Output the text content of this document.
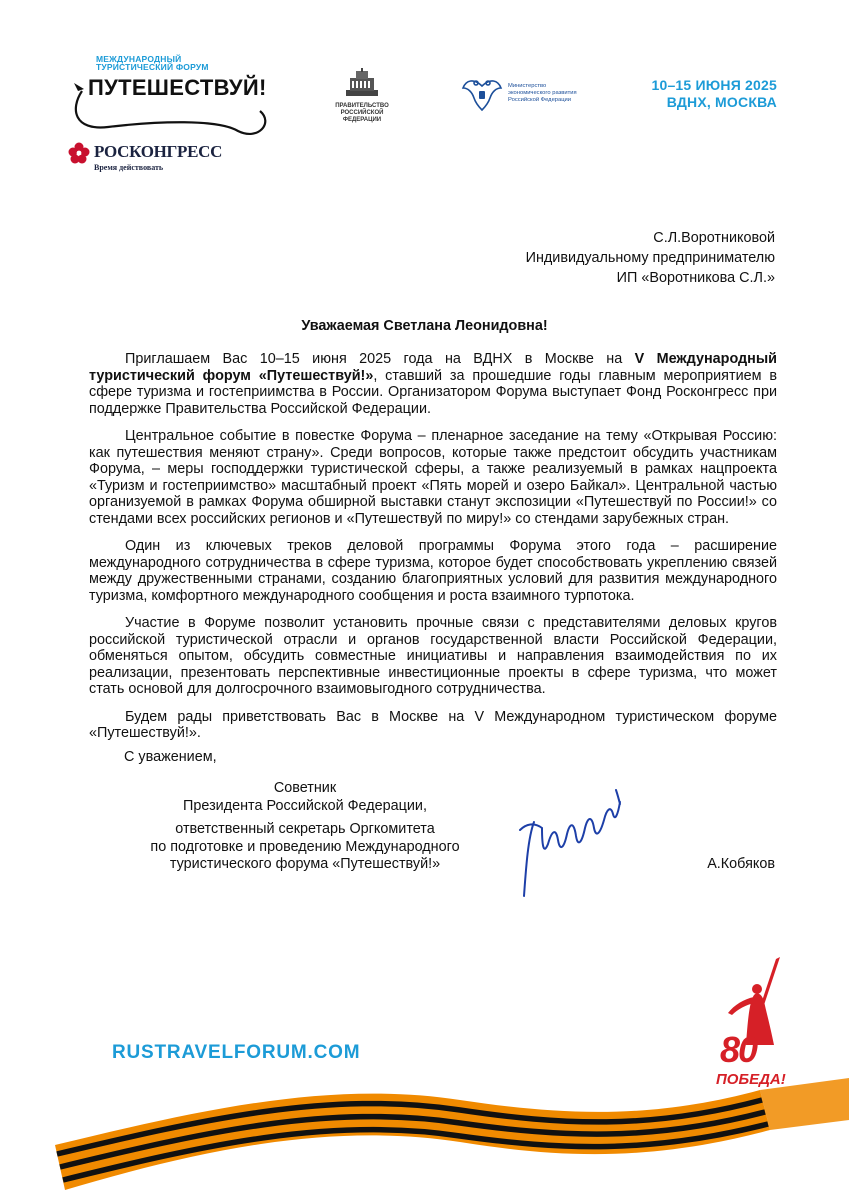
МЕЖДУНАРОДНЫЙ
ТУРИСТИЧЕСКИЙ ФОРУМ
ПУТЕШЕСТВУЙ!
РОСКОНГРЕСС
Время действовать
ПРАВИТЕЛЬСТВО
РОССИЙСКОЙ
ФЕДЕРАЦИИ
Министерство
экономического развития
Российской Федерации
10–15 ИЮНЯ 2025
ВДНХ, МОСКВА
С.Л.Воротниковой
Индивидуальному предпринимателю
ИП «Воротникова С.Л.»
Уважаемая Светлана Леонидовна!

Приглашаем Вас 10–15 июня 2025 года на ВДНХ в Москве на V Международный туристический форум «Путешествуй!», ставший за прошедшие годы главным мероприятием в сфере туризма и гостеприимства в России. Организатором Форума выступает Фонд Росконгресс при поддержке Правительства Российской Федерации.

Центральное событие в повестке Форума – пленарное заседание на тему «Открывая Россию: как путешествия меняют страну». Среди вопросов, которые также предстоит обсудить участникам Форума, – меры господдержки туристической сферы, а также реализуемый в рамках нацпроекта «Туризм и гостеприимство» масштабный проект «Пять морей и озеро Байкал». Центральной частью организуемой в рамках Форума обширной выставки станут экспозиции «Путешествуй по России!» со стендами всех российских регионов и «Путешествуй по миру!» со стендами зарубежных стран.

Один из ключевых треков деловой программы Форума этого года – расширение международного сотрудничества в сфере туризма, которое будет способствовать укреплению связей между дружественными странами, созданию благоприятных условий для развития международного туризма, комфортного международного сообщения и роста взаимного турпотока.

Участие в Форуме позволит установить прочные связи с представителями деловых кругов российской туристической отрасли и органов государственной власти Российской Федерации, обменяться опытом, обсудить совместные инициативы и направления взаимодействия по их реализации, презентовать перспективные инвестиционные проекты в сфере туризма, что может стать основой для долгосрочного взаимовыгодного сотрудничества.

Будем рады приветствовать Вас в Москве на V Международном туристическом форуме «Путешествуй!».

С уважением,
Советник
Президента Российской Федерации,
ответственный секретарь Оргкомитета
по подготовке и проведению Международного
туристического форума «Путешествуй!»	А.Кобяков
RUSTRAVELFORUM.COM	80
ПОБЕДА!
